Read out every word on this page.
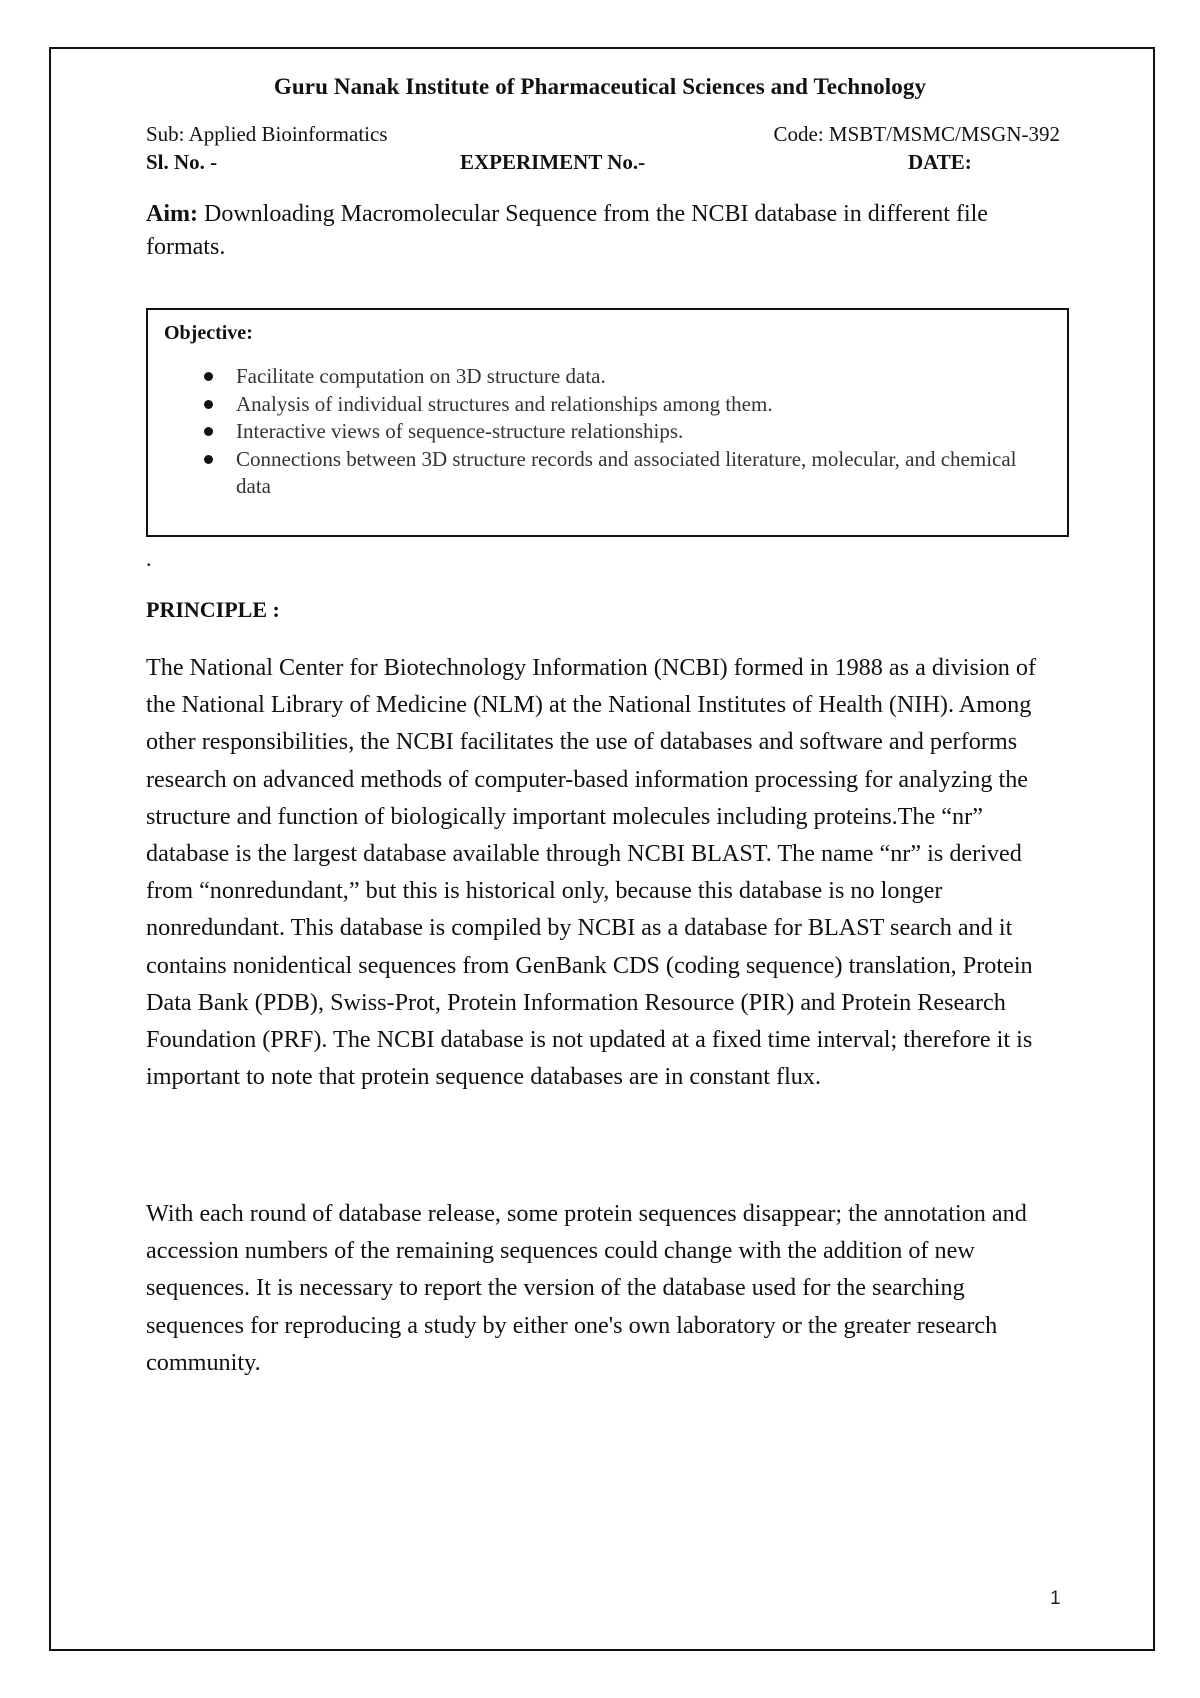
Guru Nanak Institute of Pharmaceutical Sciences and Technology
Sub: Applied Bioinformatics	Code: MSBT/MSMC/MSGN-392
Sl. No. -	EXPERIMENT No.-	DATE:
Aim: Downloading Macromolecular Sequence from the NCBI database in different file formats.
Objective:
Facilitate computation on 3D structure data.
Analysis of individual structures and relationships among them.
Interactive views of sequence-structure relationships.
Connections between 3D structure records and associated literature, molecular, and chemical data
.
PRINCIPLE :

The National Center for Biotechnology Information (NCBI) formed in 1988 as a division of the National Library of Medicine (NLM) at the National Institutes of Health (NIH). Among other responsibilities, the NCBI facilitates the use of databases and software and performs research on advanced methods of computer-based information processing for analyzing the structure and function of biologically important molecules including proteins.The “nr” database is the largest database available through NCBI BLAST. The name “nr” is derived from “nonredundant,” but this is historical only, because this database is no longer nonredundant. This database is compiled by NCBI as a database for BLAST search and it contains nonidentical sequences from GenBank CDS (coding sequence) translation, Protein Data Bank (PDB), Swiss-Prot, Protein Information Resource (PIR) and Protein Research Foundation (PRF). The NCBI database is not updated at a fixed time interval; therefore it is important to note that protein sequence databases are in constant flux.

With each round of database release, some protein sequences disappear; the annotation and accession numbers of the remaining sequences could change with the addition of new sequences. It is necessary to report the version of the database used for the searching sequences for reproducing a study by either one's own laboratory or the greater research community.

1
